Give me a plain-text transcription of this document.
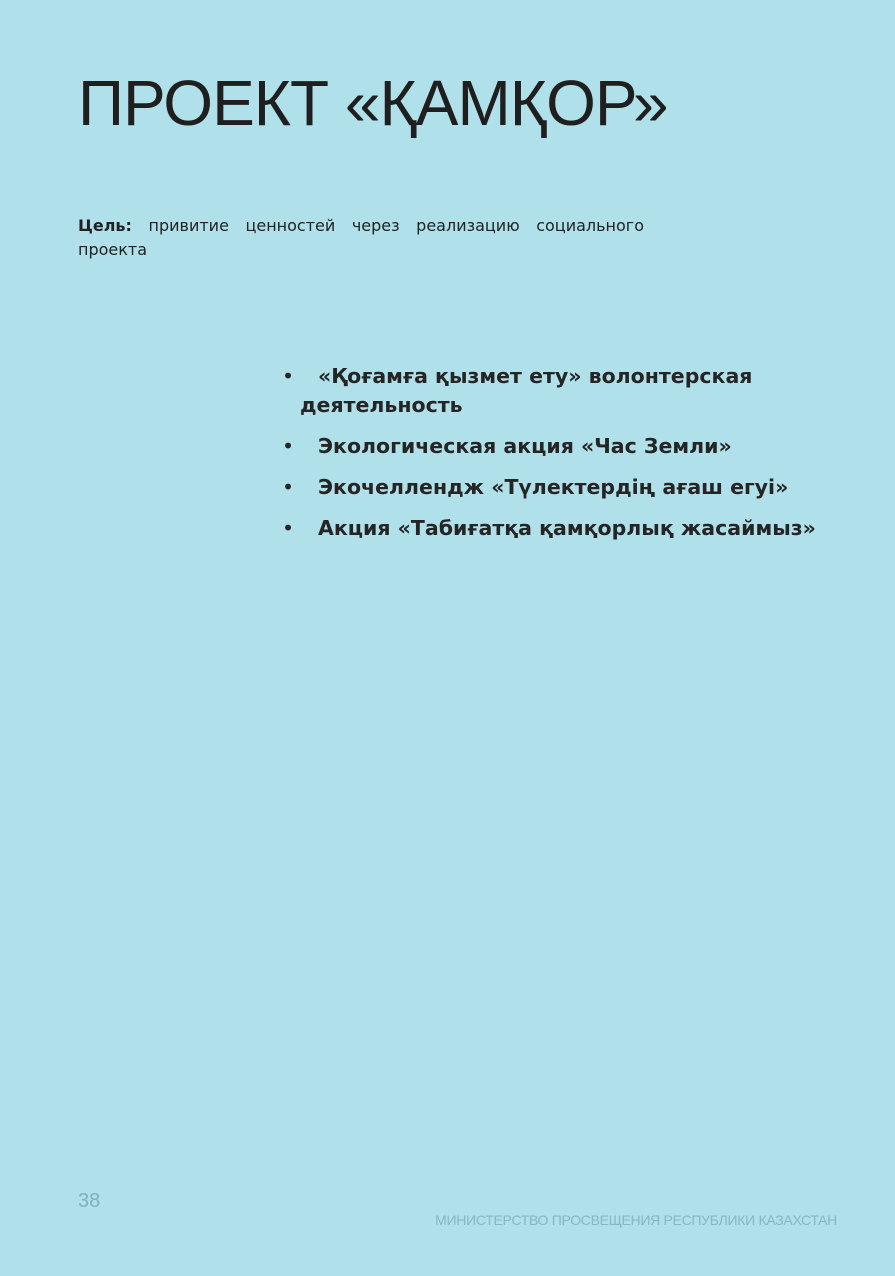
ПРОЕКТ «ҚАМҚОР»

Цель: привитие ценностей через реализацию социального проекта

• «Қоғамға қызмет ету» волонтерская
деятельность
• Экологическая акция «Час Земли»
• Экочеллендж «Түлектердің ағаш егуі»
• Акция «Табиғатқа қамқорлық жасаймыз»
38
МИНИСТЕРСТВО ПРОСВЕЩЕНИЯ РЕСПУБЛИКИ КАЗАХСТАН
